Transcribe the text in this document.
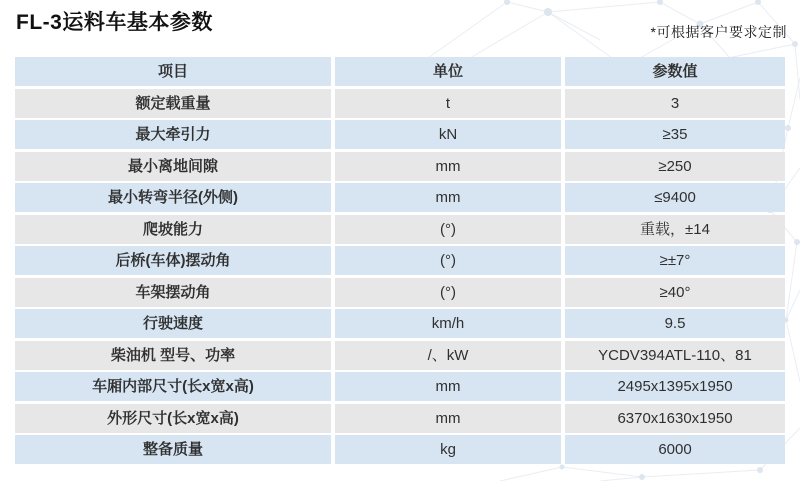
FL-3运料车基本参数	*可根据客户要求定制
项目	单位	参数值
额定载重量	t	3
最大牵引力	kN	≥35
最小离地间隙	mm	≥250
最小转弯半径(外侧)	mm	≤9400
爬坡能力	(°)	重载，±14
后桥(车体)摆动角	(°)	≥±7°
车架摆动角	(°)	≥40°
行驶速度	km/h	9.5
柴油机 型号、功率	/、kW	YCDV394ATL-110、81
车厢内部尺寸(长x宽x高)	mm	2495x1395x1950
外形尺寸(长x宽x高)	mm	6370x1630x1950
整备质量	kg	6000
